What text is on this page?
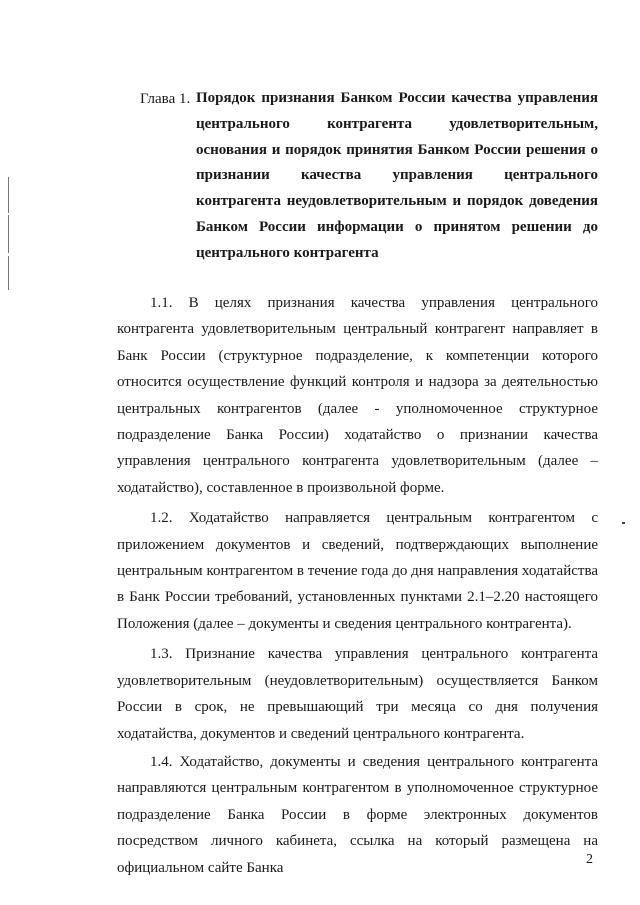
Глава 1. Порядок признания Банком России качества управления центрального контрагента удовлетворительным, основания и порядок принятия Банком России решения о признании качества управления центрального контрагента неудовлетворительным и порядок доведения Банком России информации о принятом решении до центрального контрагента

1.1. В целях признания качества управления центрального контрагента удовлетворительным центральный контрагент направляет в Банк России (структурное подразделение, к компетенции которого относится осуществление функций контроля и надзора за деятельностью центральных контрагентов (далее - уполномоченное структурное подразделение Банка России) ходатайство о признании качества управления центрального контрагента удовлетворительным (далее – ходатайство), составленное в произвольной форме.

1.2. Ходатайство направляется центральным контрагентом с приложением документов и сведений, подтверждающих выполнение центральным контрагентом в течение года до дня направления ходатайства в Банк России требований, установленных пунктами 2.1–2.20 настоящего Положения (далее – документы и сведения центрального контрагента).

1.3. Признание качества управления центрального контрагента удовлетворительным (неудовлетворительным) осуществляется Банком России в срок, не превышающий три месяца со дня получения ходатайства, документов и сведений центрального контрагента.

1.4. Ходатайство, документы и сведения центрального контрагента направляются центральным контрагентом в уполномоченное структурное подразделение Банка России в форме электронных документов посредством личного кабинета, ссылка на который размещена на официальном сайте Банка

2
